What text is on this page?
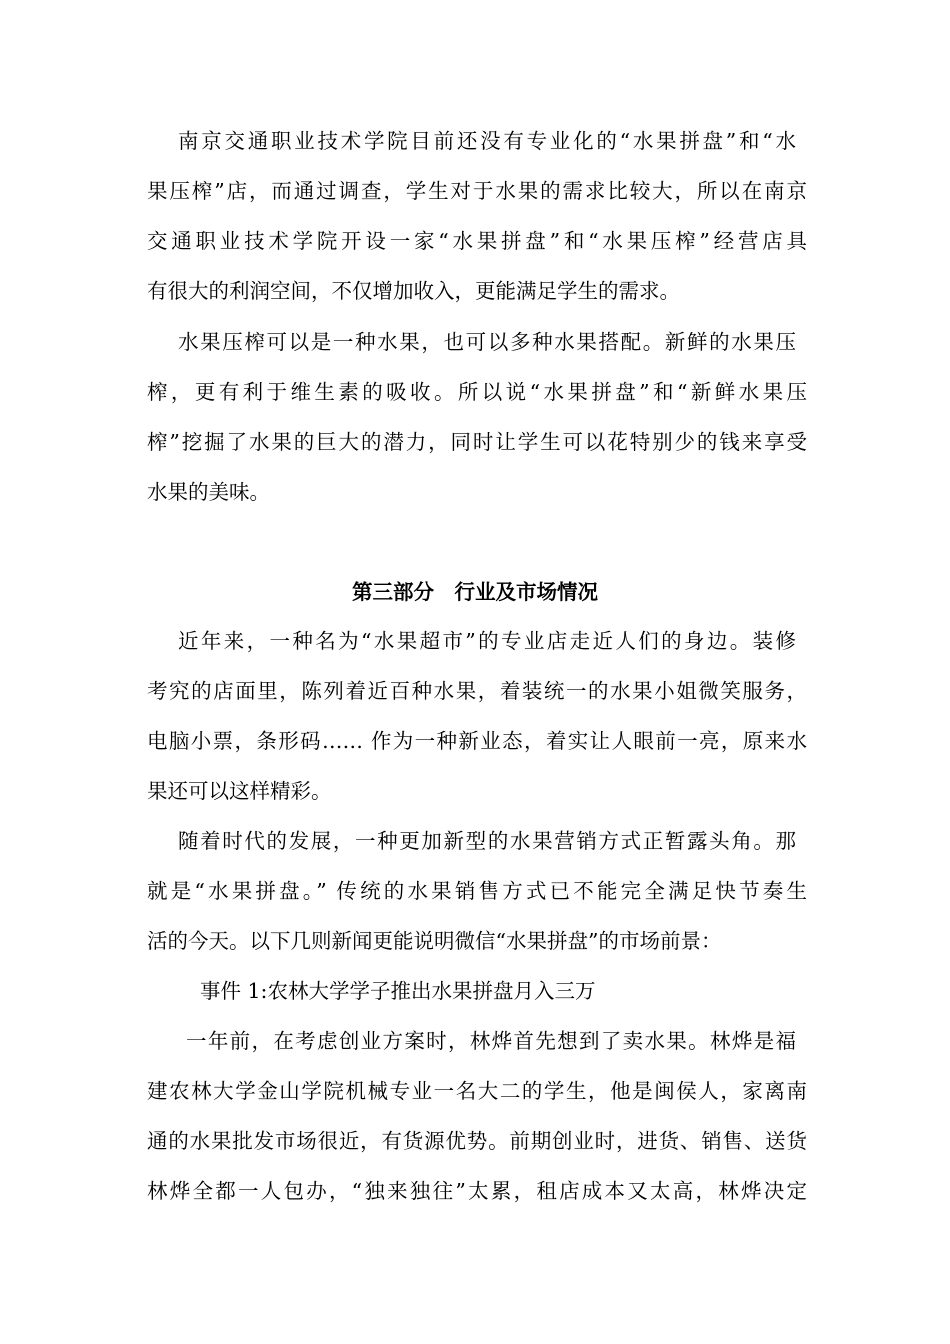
南京交通职业技术学院目前还没有专业化的“水果拼盘”和“水
果压榨”店，而通过调查，学生对于水果的需求比较大，所以在南京
交通职业技术学院开设一家“水果拼盘”和“水果压榨”经营店具
有很大的利润空间，不仅增加收入，更能满足学生的需求。
水果压榨可以是一种水果，也可以多种水果搭配。新鲜的水果压
榨，更有利于维生素的吸收。所以说“水果拼盘”和“新鲜水果压
榨”挖掘了水果的巨大的潜力，同时让学生可以花特别少的钱来享受
水果的美味。
第三部分　行业及市场情况
近年来，一种名为“水果超市”的专业店走近人们的身边。装修
考究的店面里，陈列着近百种水果，着装统一的水果小姐微笑服务，
电脑小票，条形码…… 作为一种新业态，着实让人眼前一亮，原来水
果还可以这样精彩。
随着时代的发展，一种更加新型的水果营销方式正暂露头角。那
就是“水果拼盘。” 传统的水果销售方式已不能完全满足快节奏生
活的今天。以下几则新闻更能说明微信“水果拼盘”的市场前景：
事件 1:农林大学学子推出水果拼盘月入三万
一年前，在考虑创业方案时，林烨首先想到了卖水果。林烨是福
建农林大学金山学院机械专业一名大二的学生，他是闽侯人，家离南
通的水果批发市场很近，有货源优势。前期创业时，进货、销售、送货
林烨全都一人包办，“独来独往”太累，租店成本又太高，林烨决定
